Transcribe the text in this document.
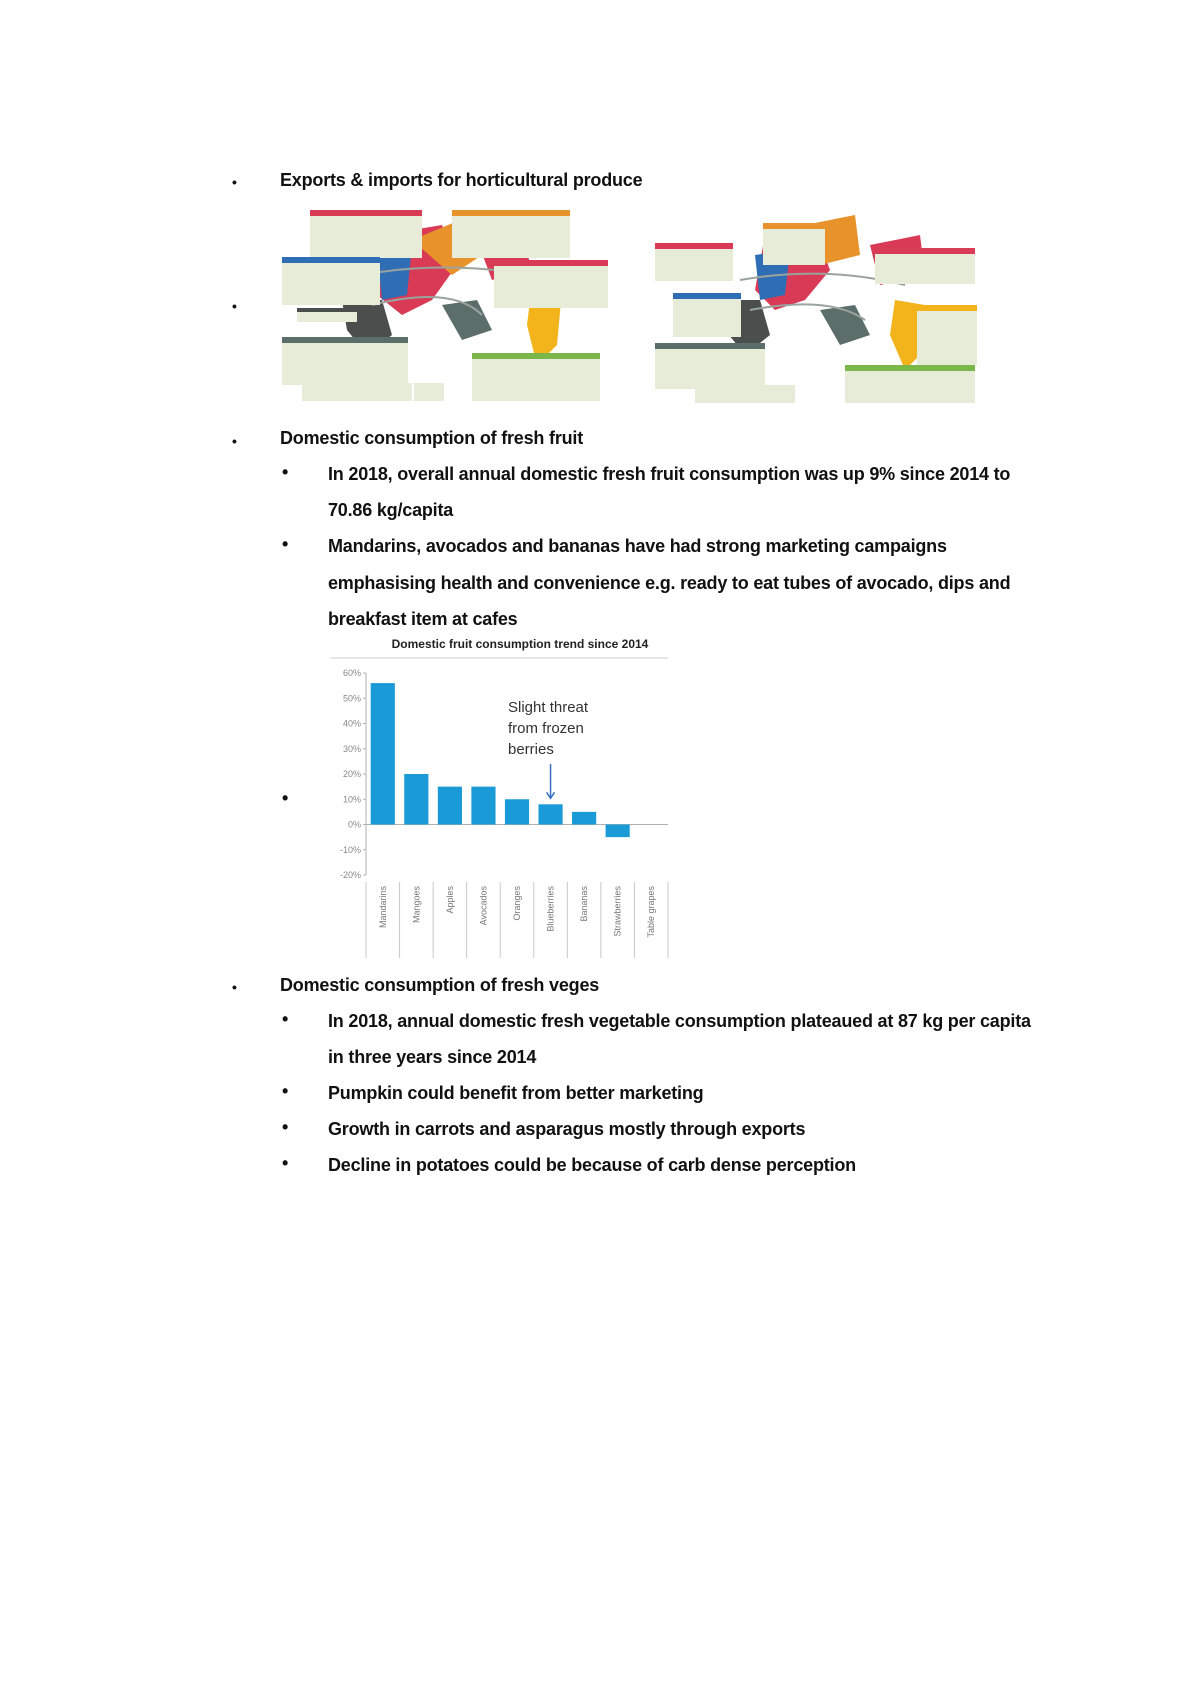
• Exports & imports for horticultural produce
•
• Domestic consumption of fresh fruit
• In 2018, overall annual domestic fresh fruit consumption was up 9% since 2014 to
70.86 kg/capita
• Mandarins, avocados and bananas have had strong marketing campaigns
emphasising health and convenience e.g. ready to eat tubes of avocado, dips and
breakfast item at cafes
•
Domestic fruit consumption trend since 2014
60%
50%
40%
30%
20%
10%
0%
-10%
-20%
Mandarins	Mangoes	Apples	Avocados	Oranges	Blueberries	Bananas	Strawberries	Table grapes
Slight threat
from frozen
berries
• Domestic consumption of fresh veges
• In 2018, annual domestic fresh vegetable consumption plateaued at 87 kg per capita
in three years since 2014
• Pumpkin could benefit from better marketing
• Growth in carrots and asparagus mostly through exports
• Decline in potatoes could be because of carb dense perception
